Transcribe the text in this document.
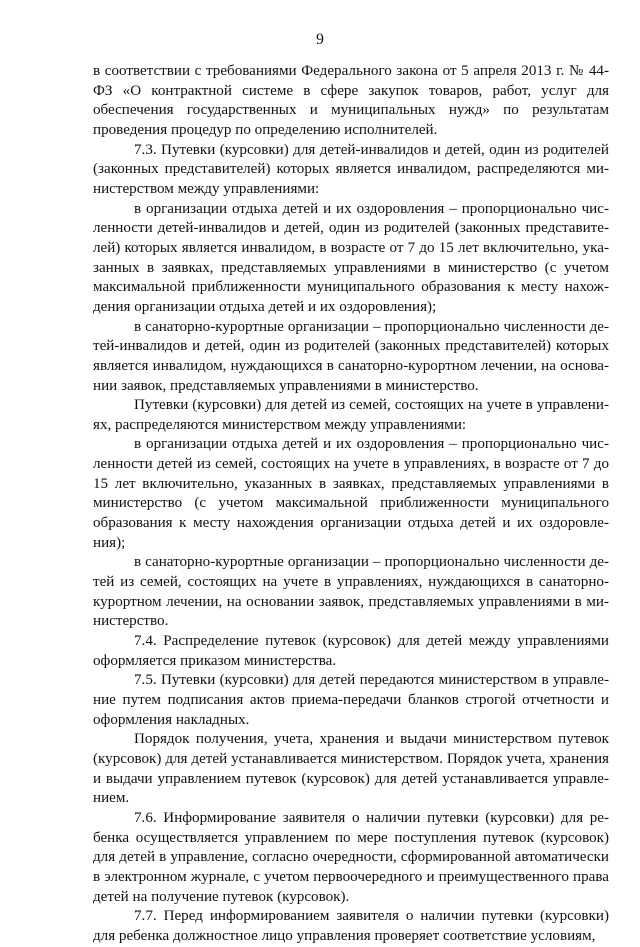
9

в соответствии с требованиями Федерального закона от 5 апреля 2013 г. № 44-ФЗ «О контрактной системе в сфере закупок товаров, работ, услуг для обеспечения государственных и муниципальных нужд» по результатам проведения процедур по определению исполнителей.

7.3. Путевки (курсовки) для детей-инвалидов и детей, один из родителей (законных представителей) которых является инвалидом, распределяются министерством между управлениями:

в организации отдыха детей и их оздоровления – пропорционально численности детей-инвалидов и детей, один из родителей (законных представителей) которых является инвалидом, в возрасте от 7 до 15 лет включительно, указанных в заявках, представляемых управлениями в министерство (с учетом максимальной приближенности муниципального образования к месту нахождения организации отдыха детей и их оздоровления);

в санаторно-курортные организации – пропорционально численности детей-инвалидов и детей, один из родителей (законных представителей) которых является инвалидом, нуждающихся в санаторно-курортном лечении, на основании заявок, представляемых управлениями в министерство.

Путевки (курсовки) для детей из семей, состоящих на учете в управлениях, распределяются министерством между управлениями:

в организации отдыха детей и их оздоровления – пропорционально численности детей из семей, состоящих на учете в управлениях, в возрасте от 7 до 15 лет включительно, указанных в заявках, представляемых управлениями в министерство (с учетом максимальной приближенности муниципального образования к месту нахождения организации отдыха детей и их оздоровления);

в санаторно-курортные организации – пропорционально численности детей из семей, состоящих на учете в управлениях, нуждающихся в санаторно-курортном лечении, на основании заявок, представляемых управлениями в министерство.

7.4. Распределение путевок (курсовок) для детей между управлениями оформляется приказом министерства.

7.5. Путевки (курсовки) для детей передаются министерством в управление путем подписания актов приема-передачи бланков строгой отчетности и оформления накладных.

Порядок получения, учета, хранения и выдачи министерством путевок (курсовок) для детей устанавливается министерством. Порядок учета, хранения и выдачи управлением путевок (курсовок) для детей устанавливается управлением.

7.6. Информирование заявителя о наличии путевки (курсовки) для ребенка осуществляется управлением по мере поступления путевок (курсовок) для детей в управление, согласно очередности, сформированной автоматически в электронном журнале, с учетом первоочередного и преимущественного права детей на получение путевок (курсовок).

7.7. Перед информированием заявителя о наличии путевки (курсовки) для ребенка должностное лицо управления проверяет соответствие условиям,
